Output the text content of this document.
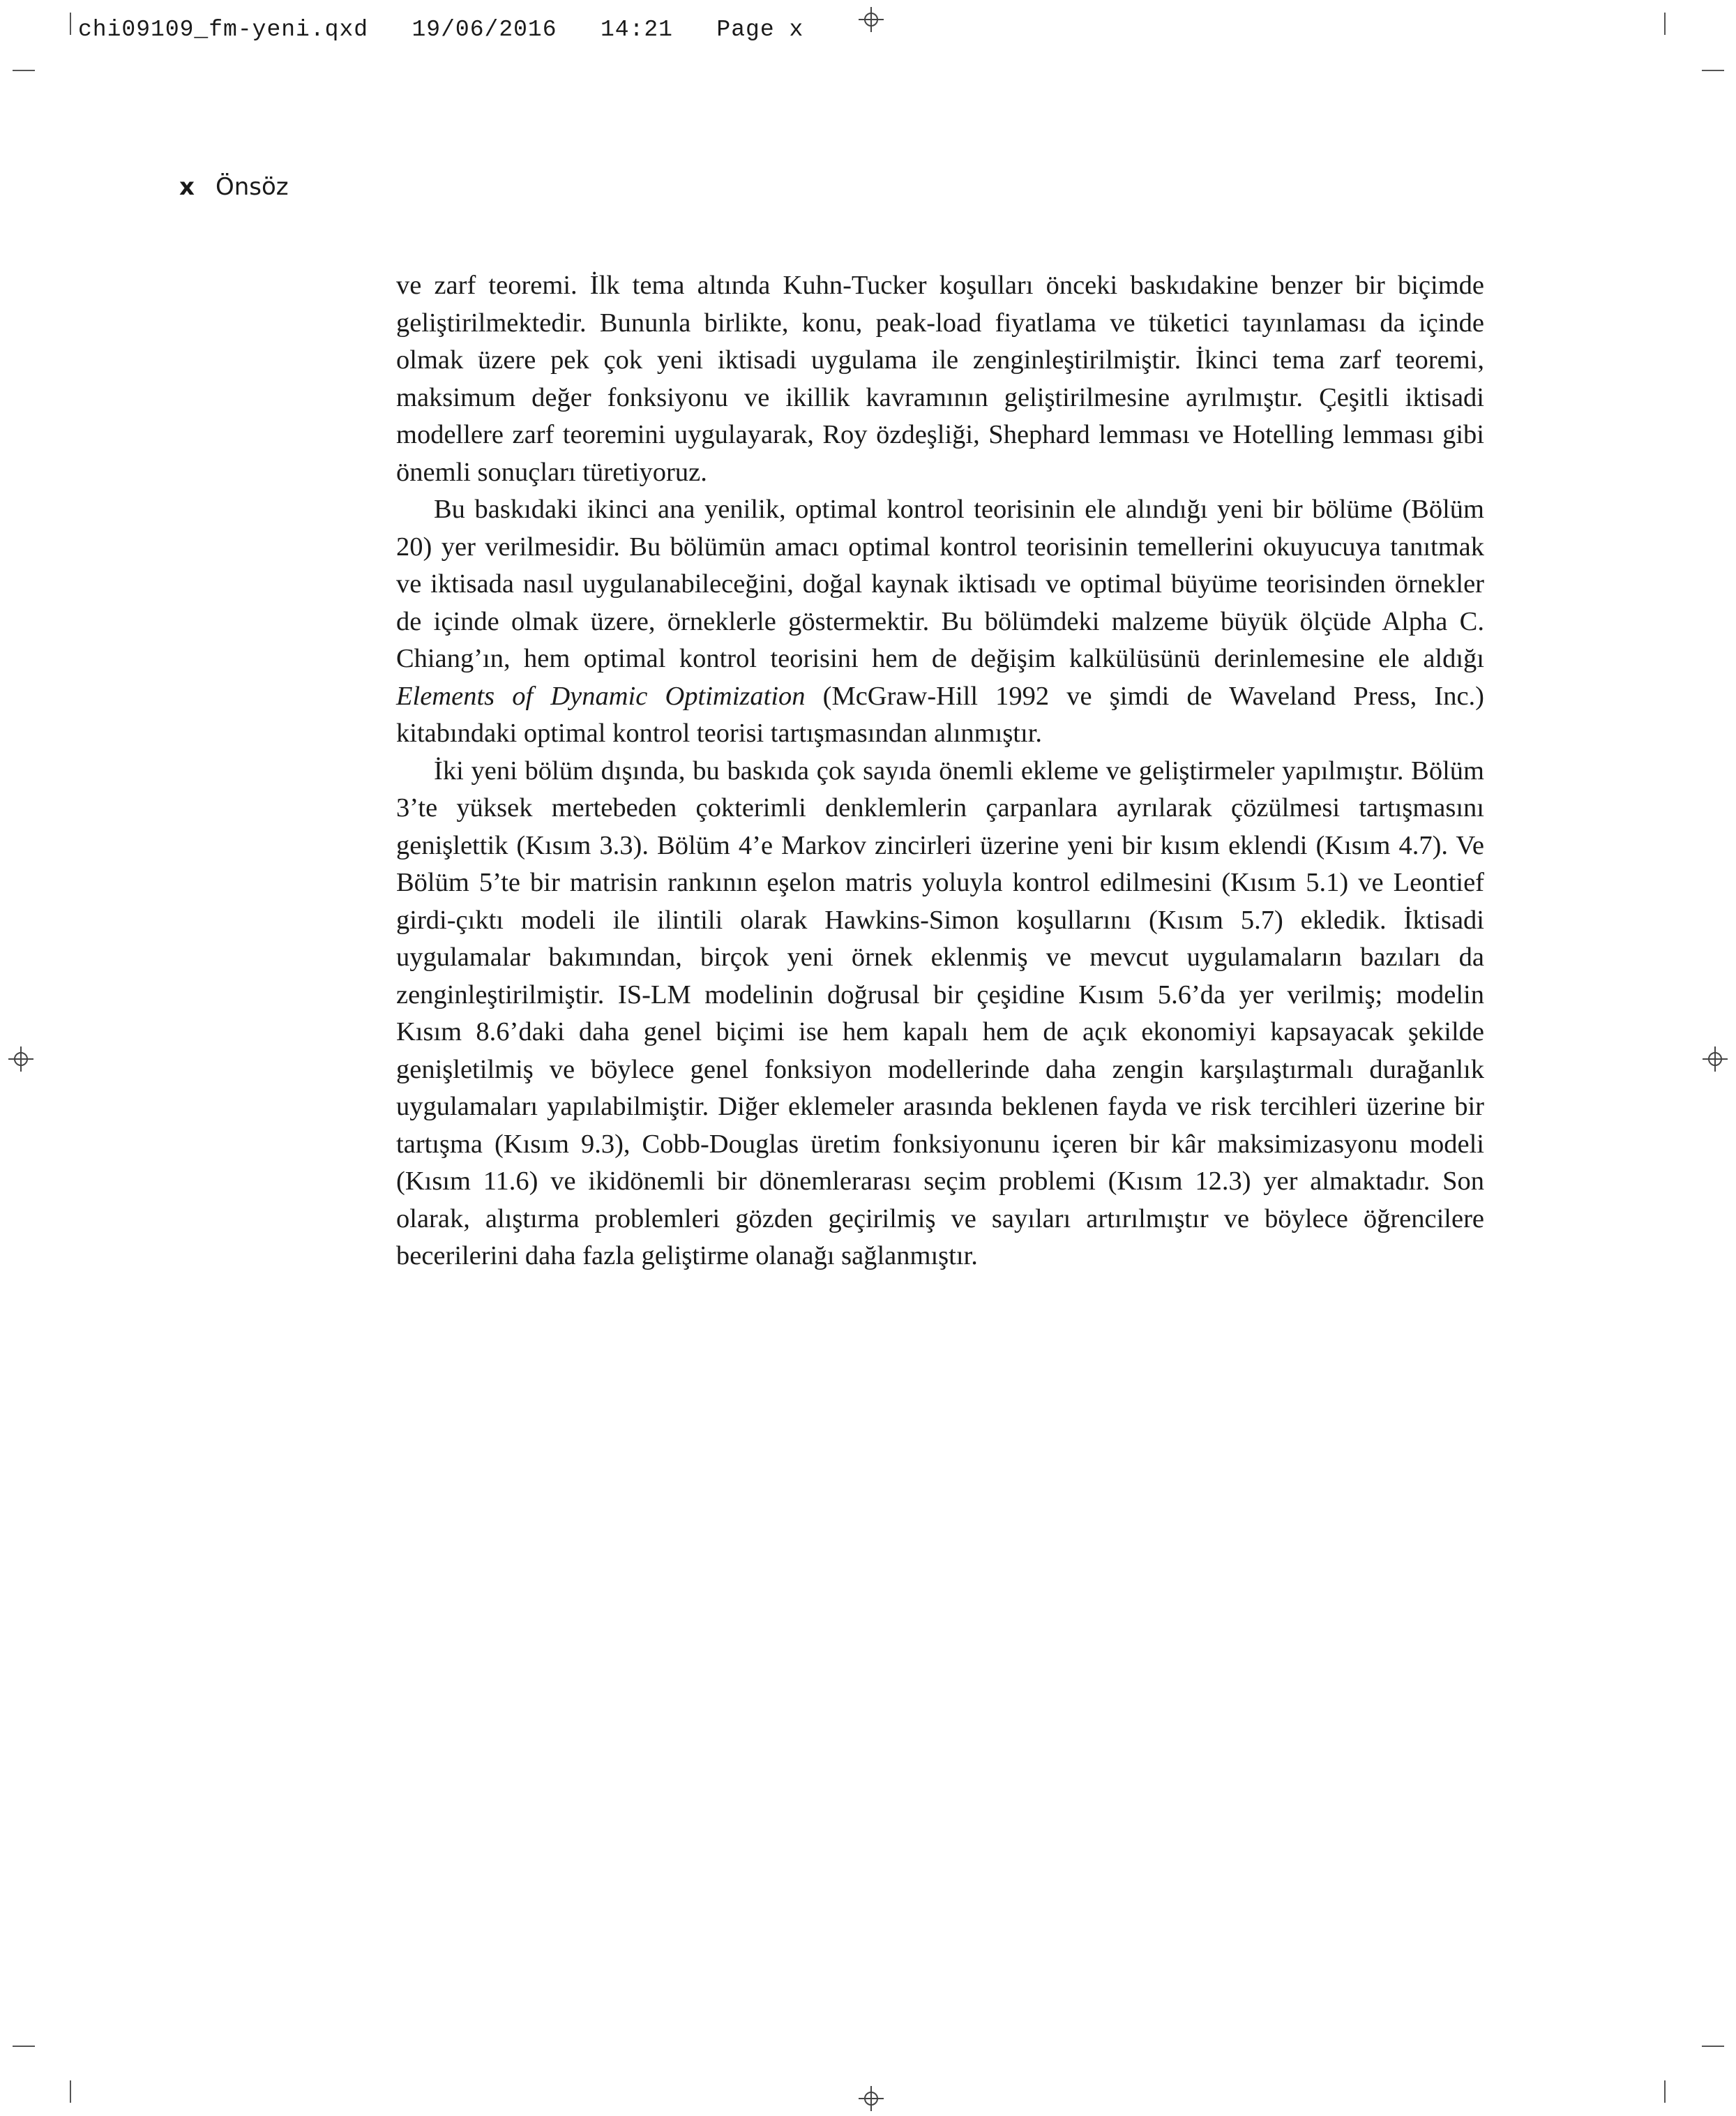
chi09109_fm-yeni.qxd 19/06/2016 14:21 Page x
x Önsöz

ve zarf teoremi. İlk tema altında Kuhn-Tucker koşulları önceki baskıdakine benzer bir biçimde geliştirilmektedir. Bununla birlikte, konu, peak-load fiyatlama ve tüketici tayınlaması da içinde olmak üzere pek çok yeni iktisadi uygulama ile zenginleştirilmiştir. İkinci tema zarf teoremi, maksimum değer fonksiyonu ve ikillik kavramının geliştirilmesine ayrılmıştır. Çeşitli iktisadi modellere zarf teoremini uygulayarak, Roy özdeşliği, Shephard lemması ve Hotelling lemması gibi önemli sonuçları türetiyoruz.

Bu baskıdaki ikinci ana yenilik, optimal kontrol teorisinin ele alındığı yeni bir bölüme (Bölüm 20) yer verilmesidir. Bu bölümün amacı optimal kontrol teorisinin temellerini okuyucuya tanıtmak ve iktisada nasıl uygulanabileceğini, doğal kaynak iktisadı ve optimal büyüme teorisinden örnekler de içinde olmak üzere, örneklerle göstermektir. Bu bölümdeki malzeme büyük ölçüde Alpha C. Chiang’ın, hem optimal kontrol teorisini hem de değişim kalkülüsünü derinlemesine ele aldığı Elements of Dynamic Optimization (McGraw-Hill 1992 ve şimdi de Waveland Press, Inc.) kitabındaki optimal kontrol teorisi tartışmasından alınmıştır.

İki yeni bölüm dışında, bu baskıda çok sayıda önemli ekleme ve geliştirmeler yapılmıştır. Bölüm 3’te yüksek mertebeden çokterimli denklemlerin çarpanlara ayrılarak çözülmesi tartışmasını genişlettik (Kısım 3.3). Bölüm 4’e Markov zincirleri üzerine yeni bir kısım eklendi (Kısım 4.7). Ve Bölüm 5’te bir matrisin rankının eşelon matris yoluyla kontrol edilmesini (Kısım 5.1) ve Leontief girdi-çıktı modeli ile ilintili olarak Hawkins-Simon koşullarını (Kısım 5.7) ekledik. İktisadi uygulamalar bakımından, birçok yeni örnek eklenmiş ve mevcut uygulamaların bazıları da zenginleştirilmiştir. IS-LM modelinin doğrusal bir çeşidine Kısım 5.6’da yer verilmiş; modelin Kısım 8.6’daki daha genel biçimi ise hem kapalı hem de açık ekonomiyi kapsayacak şekilde genişletilmiş ve böylece genel fonksiyon modellerinde daha zengin karşılaştırmalı durağanlık uygulamaları yapılabilmiştir. Diğer eklemeler arasında beklenen fayda ve risk tercihleri üzerine bir tartışma (Kısım 9.3), Cobb-Douglas üretim fonksiyonunu içeren bir kâr maksimizasyonu modeli (Kısım 11.6) ve ikidönemli bir dönemlerarası seçim problemi (Kısım 12.3) yer almaktadır. Son olarak, alıştırma problemleri gözden geçirilmiş ve sayıları artırılmıştır ve böylece öğrencilere becerilerini daha fazla geliştirme olanağı sağlanmıştır.
